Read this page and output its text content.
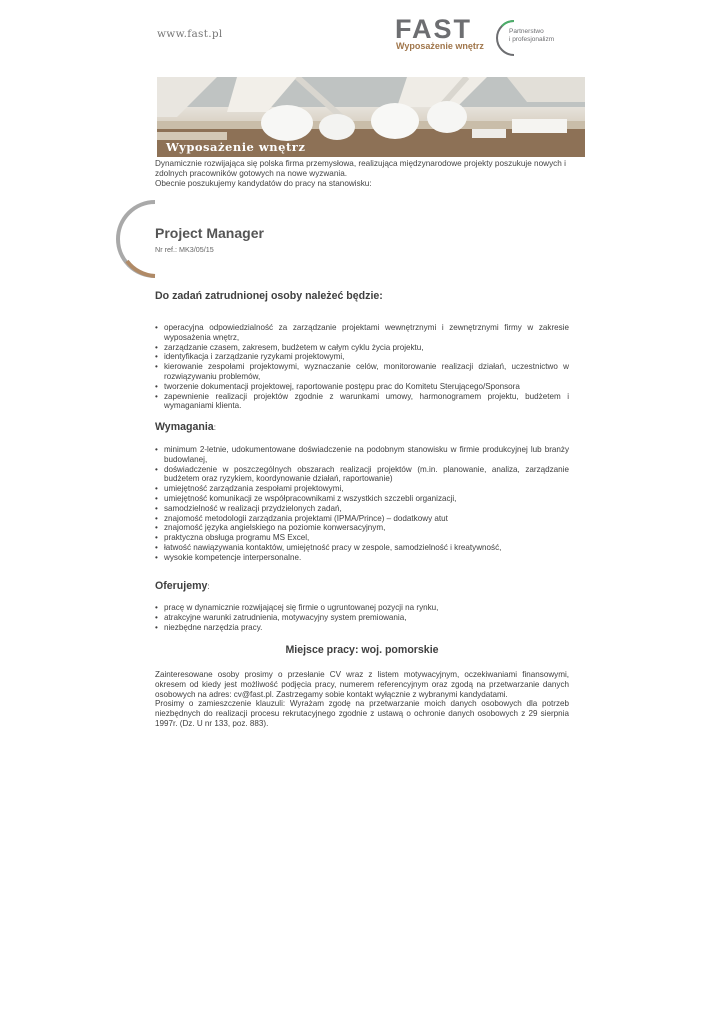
www.fast.pl	FAST
Wyposażenie wnętrz
Partnerstwo
i profesjonalizm
Wyposażenie wnętrz

Dynamicznie rozwijająca się polska firma przemysłowa, realizująca międzynarodowe projekty poszukuje nowych i zdolnych pracowników gotowych na nowe wyzwania.

Obecnie poszukujemy kandydatów do pracy na stanowisku:

Project Manager
Nr ref.: MK3/05/15
Do zadań zatrudnionej osoby należeć będzie:
• operacyjna odpowiedzialność za zarządzanie projektami wewnętrznymi i zewnętrznymi firmy w zakresie wyposażenia wnętrz,
• zarządzanie czasem, zakresem, budżetem w całym cyklu życia projektu,
• identyfikacja i zarządzanie ryzykami projektowymi,
• kierowanie zespołami projektowymi, wyznaczanie celów, monitorowanie realizacji działań, uczestnictwo w rozwiązywaniu problemów,
• tworzenie dokumentacji projektowej, raportowanie postępu prac do Komitetu Sterującego/Sponsora
• zapewnienie realizacji projektów zgodnie z warunkami umowy, harmonogramem projektu, budżetem i wymaganiami klienta.
Wymagania:
• minimum 2-letnie, udokumentowane doświadczenie na podobnym stanowisku w firmie produkcyjnej lub branży budowlanej,
• doświadczenie w poszczególnych obszarach realizacji projektów (m.in. planowanie, analiza, zarządzanie budżetem oraz ryzykiem, koordynowanie działań, raportowanie)
• umiejętność zarządzania zespołami projektowymi,
• umiejętność komunikacji ze współpracownikami z wszystkich szczebli organizacji,
• samodzielność w realizacji przydzielonych zadań,
• znajomość metodologii zarządzania projektami (IPMA/Prince) – dodatkowy atut
• znajomość języka angielskiego na poziomie konwersacyjnym,
• praktyczna obsługa programu MS Excel,
• łatwość nawiązywania kontaktów, umiejętność pracy w zespole, samodzielność i kreatywność,
• wysokie kompetencje interpersonalne.
Oferujemy:
• pracę w dynamicznie rozwijającej się firmie o ugruntowanej pozycji na rynku,
• atrakcyjne warunki zatrudnienia, motywacyjny system premiowania,
• niezbędne narzędzia pracy.
Miejsce pracy: woj. pomorskie

Zainteresowane osoby prosimy o przesłanie CV wraz z listem motywacyjnym, oczekiwaniami finansowymi, okresem od kiedy jest możliwość podjęcia pracy, numerem referencyjnym oraz zgodą na przetwarzanie danych osobowych na adres: cv@fast.pl. Zastrzegamy sobie kontakt wyłącznie z wybranymi kandydatami.

Prosimy o zamieszczenie klauzuli: Wyrażam zgodę na przetwarzanie moich danych osobowych dla potrzeb niezbędnych do realizacji procesu rekrutacyjnego zgodnie z ustawą o ochronie danych osobowych z 29 sierpnia 1997r. (Dz. U nr 133, poz. 883).
